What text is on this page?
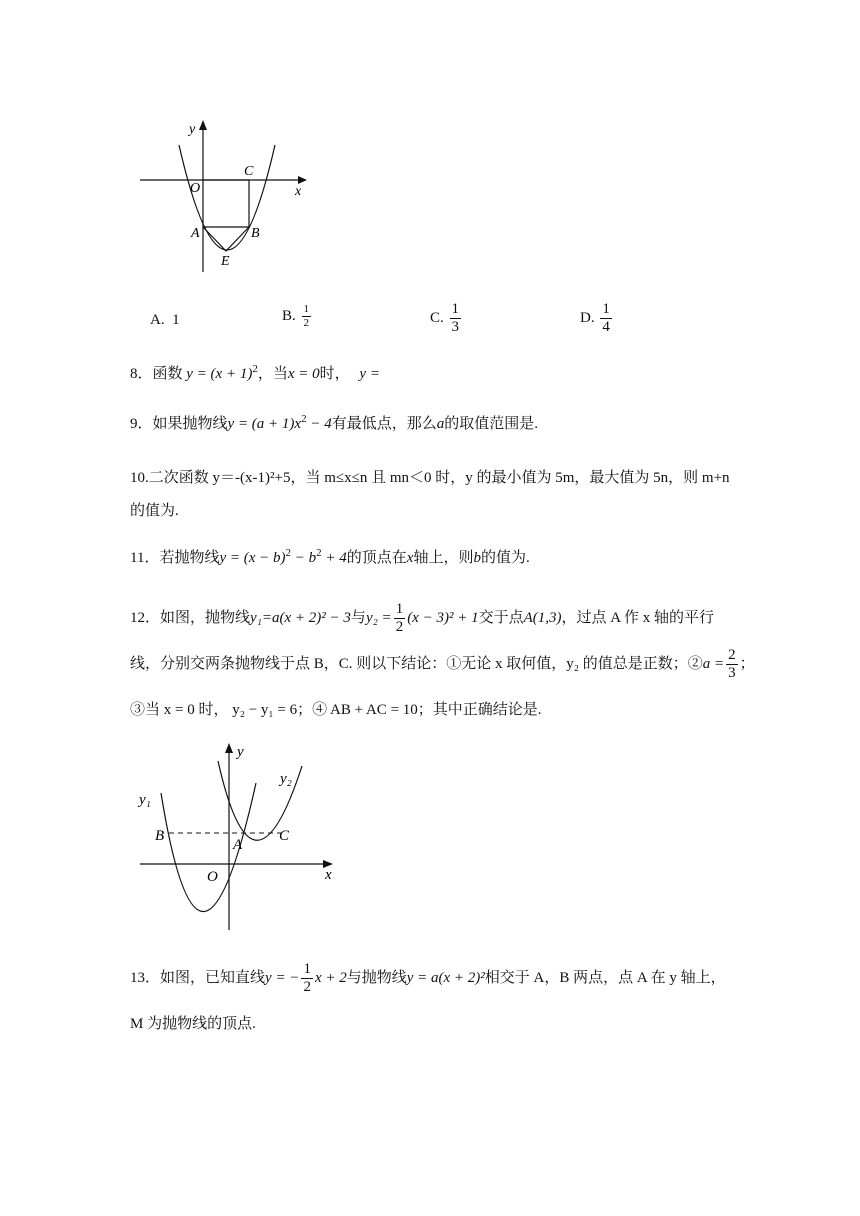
y
x
O
C
A	B
E
A. 1	B. $\frac{1}{2}$	C. $\frac{1}{3}$	D. $\frac{1}{4}$
8．函数 $y = (x + 1)^2$，当x = 0时， y =
9．如果抛物线$y = (a + 1)x^2 - 4$有最低点，那么a的取值范围是.
10.二次函数 y＝-(x-1)²+5，当 m≤x≤n 且 mn＜0 时，y 的最小值为 5m，最大值为 5n，则 m+n
的值为.
11．若抛物线$y = (x - b)^2 - b^2 + 4$的顶点在x轴上，则b的值为.
12．如图，抛物线y₁=a(x + 2)² − 3与$y_2 = \frac{1}{2} (x - 3)^2 + 1$交于点A(1,3)，过点 A 作 x 轴的平行
线，分别交两条抛物线于点 B，C. 则以下结论：①无论 x 取何值，y₂ 的值总是正数；②a = $\frac{2}{3}$ ；
③当 x = 0 时， y₂ − y₁ = 6；④ AB + AC = 10；其中正确结论是.
y
x
O
A
B	C
y₁
y₂
13．如图，已知直线y = − $\frac{1}{2}$ x + 2与抛物线y = a(x + 2)²相交于 A，B 两点，点 A 在 y 轴上，
M 为抛物线的顶点.
